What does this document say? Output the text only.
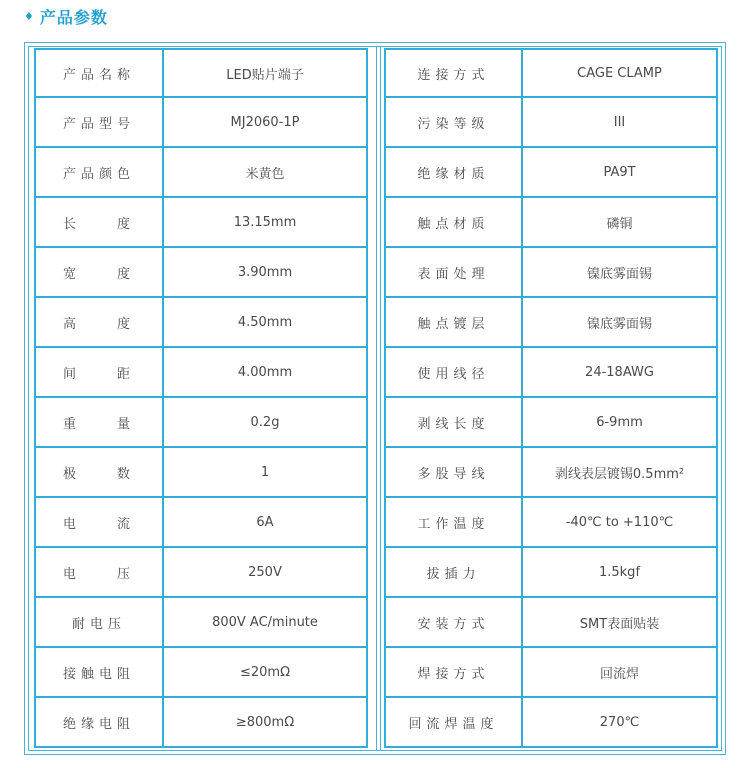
♦ 产品参数
产品名称	LED贴片端子
产品型号	MJ2060-1P
产品颜色	米黄色
长　　度	13.15mm
宽　　度	3.90mm
高　　度	4.50mm
间　　距	4.00mm
重　　量	0.2g
极　　数	1
电　　流	6A
电　　压	250V
耐电压	800V AC/minute
接触电阻	≤20mΩ
绝缘电阻	≥800mΩ
连接方式	CAGE CLAMP
污染等级	III
绝缘材质	PA9T
触点材质	磷铜
表面处理	镍底雾面锡
触点镀层	镍底雾面锡
使用线径	24-18AWG
剥线长度	6-9mm
多股导线	剥线表层镀锡0.5mm²
工作温度	-40℃ to +110℃
拔插力	1.5kgf
安装方式	SMT表面贴装
焊接方式	回流焊
回流焊温度	270℃
